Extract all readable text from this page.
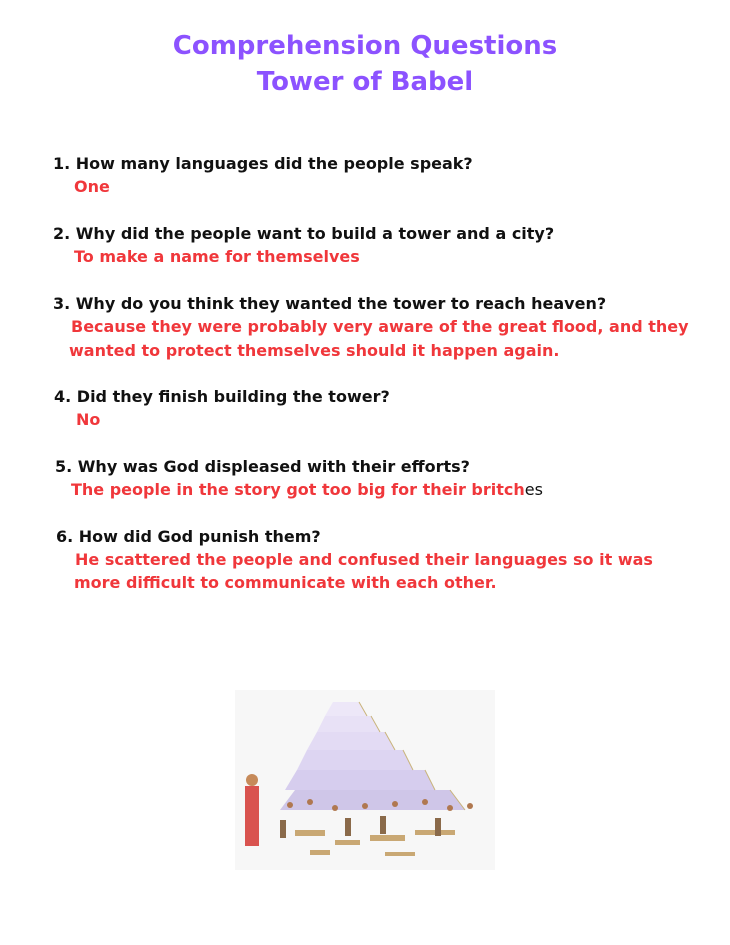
Comprehension Questions
Tower of Babel
1. How many languages did the people speak?
One
2. Why did the people want to build a tower and a city?
To make a name for themselves
3. Why do you think they wanted the tower to reach heaven?
Because they were probably very aware of the great flood, and they
wanted to protect themselves should it happen again.
4. Did they finish building the tower?
No
5. Why was God displeased with their efforts?
The people in the story got too big for their britches
6. How did God punish them?
He scattered the people and confused their languages so it was
more difficult to communicate with each other.
